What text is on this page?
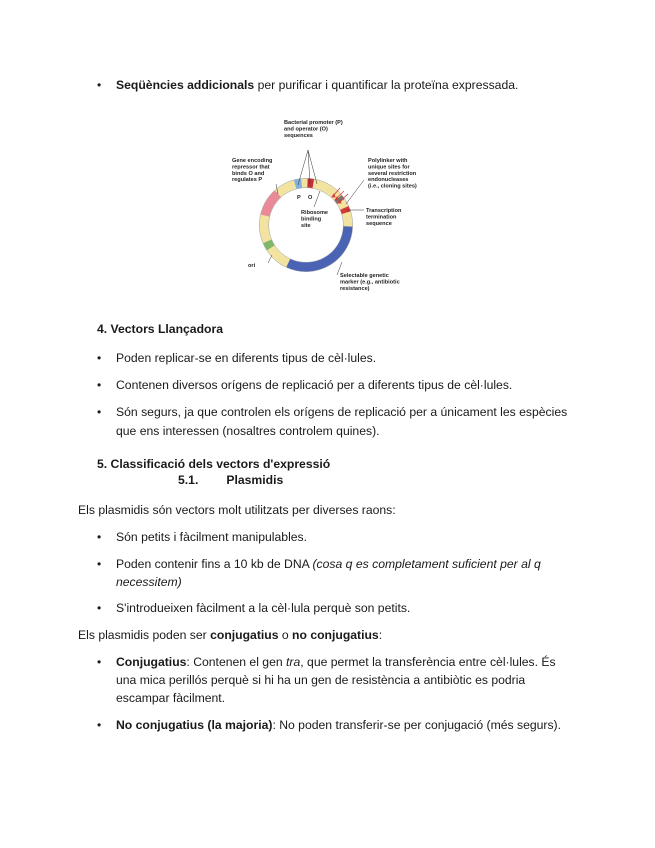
• Seqüències addicionals per purificar i quantificar la proteïna expressada.
Bacterial promoter (P) and operator (O) sequences
Gene encoding repressor that binds O and regulates P
Polylinker with unique sites for several restriction endonucleases (i.e., cloning sites)
Ribosome binding site
Transcription termination sequence
ori
Selectable genetic marker (e.g., antibiotic resistance)
P O
4. Vectors Llançadora
• Poden replicar-se en diferents tipus de cèl·lules.
• Contenen diversos orígens de replicació per a diferents tipus de cèl·lules.
• Són segurs, ja que controlen els orígens de replicació per a únicament les espècies
que ens interessen (nosaltres controlem quines).
5. Classificació dels vectors d'expressió
5.1. Plasmidis
Els plasmidis són vectors molt utilitzats per diverses raons:
• Són petits i fàcilment manipulables.
• Poden contenir fins a 10 kb de DNA (cosa q es completament suficient per al q
necessitem)
• S'introdueixen fàcilment a la cèl·lula perquè son petits.
Els plasmidis poden ser conjugatius o no conjugatius:
• Conjugatius: Contenen el gen tra, que permet la transferència entre cèl·lules. És
una mica perillós perquè si hi ha un gen de resistència a antibiòtic es podria
escampar fàcilment.
• No conjugatius (la majoria): No poden transferir-se per conjugació (més segurs).
